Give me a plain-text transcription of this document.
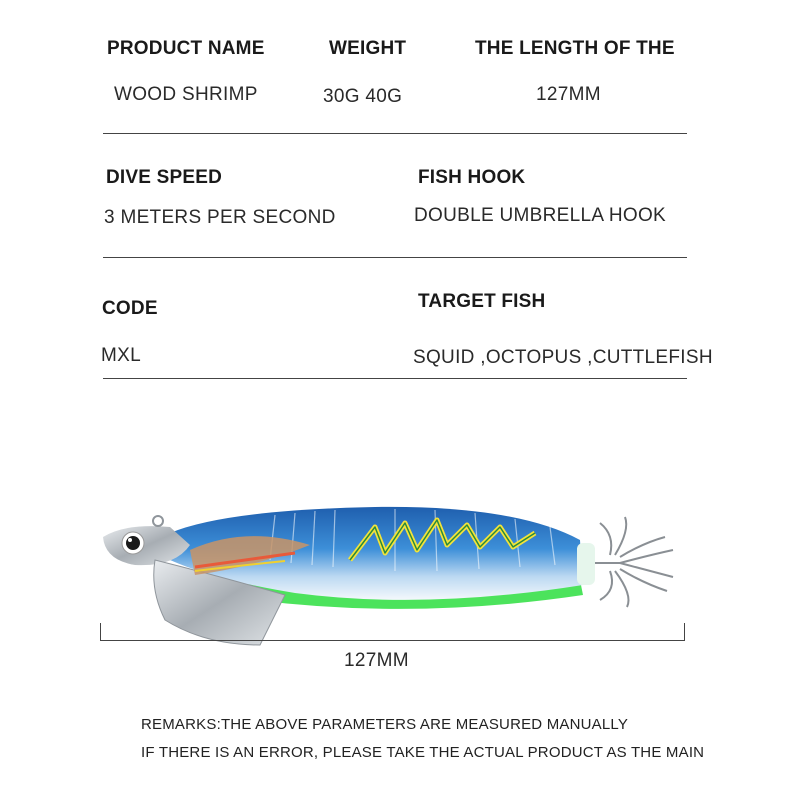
PRODUCT NAME	WEIGHT	THE LENGTH OF THE
WOOD SHRIMP	30G 40G	127MM
DIVE SPEED	FISH HOOK
3 METERS PER SECOND	DOUBLE UMBRELLA HOOK
CODE	TARGET FISH
MXL	SQUID ,OCTOPUS ,CUTTLEFISH
127MM
REMARKS:THE ABOVE PARAMETERS ARE MEASURED MANUALLY
IF THERE IS AN ERROR, PLEASE TAKE THE ACTUAL PRODUCT AS THE MAIN
